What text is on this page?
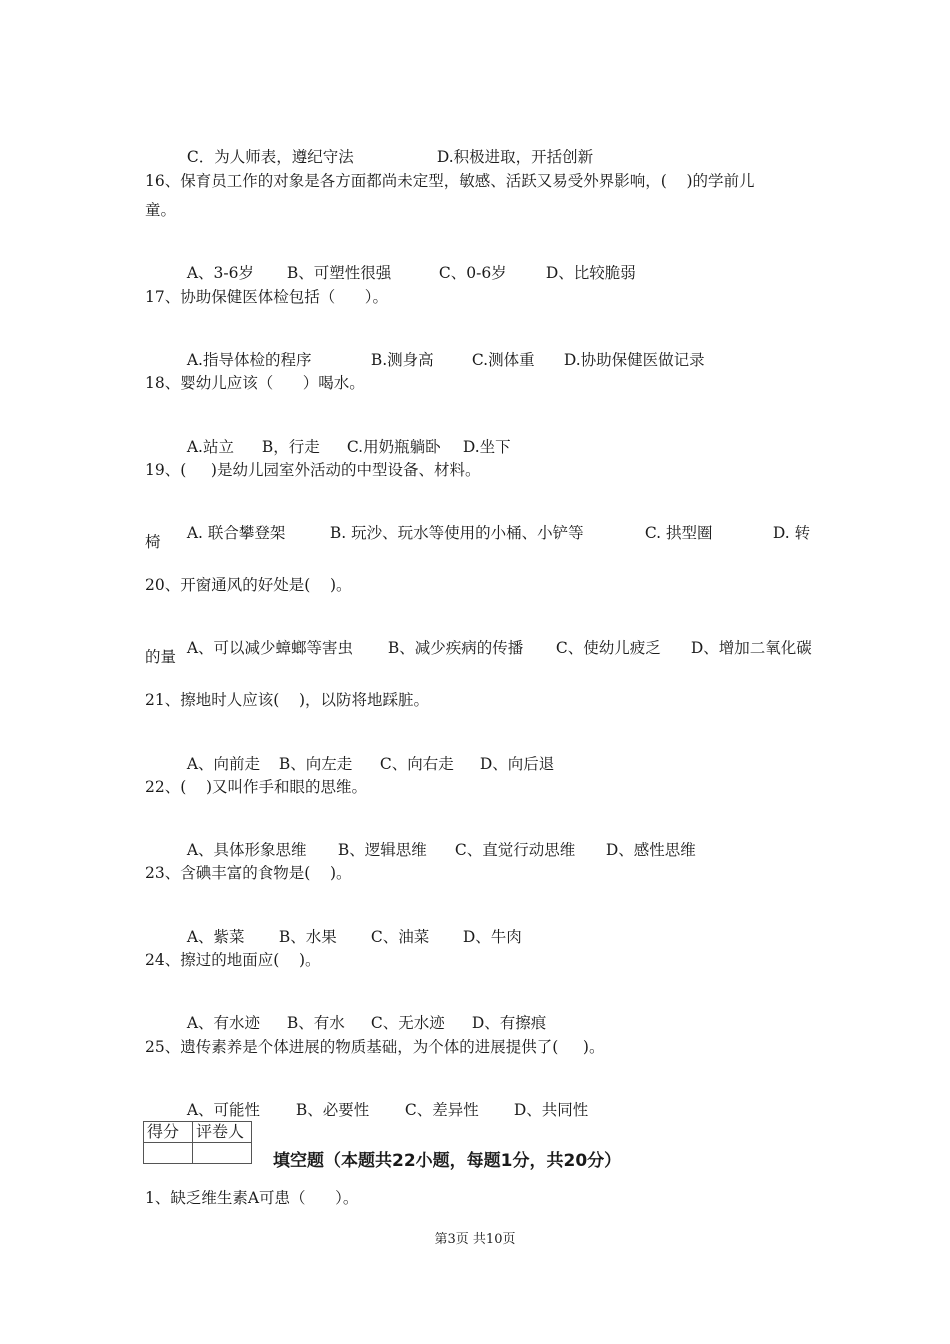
C．为人师表，遵纪守法	D.积极进取，开括创新

16、保育员工作的对象是各方面都尚未定型，敏感、活跃又易受外界影响，(    )的学前儿
童。

A、3-6岁 B、可塑性很强	C、0-6岁	D、比较脆弱

17、协助保健医体检包括（      ）。

A.指导体检的程序	B.测身高 C.测体重 D.协助保健医做记录

18、婴幼儿应该（      ）喝水。

A.站立 B，行走 C.用奶瓶躺卧 D.坐下

19、(     )是幼儿园室外活动的中型设备、材料。

A. 联合攀登架	B. 玩沙、玩水等使用的小桶、小铲等	C. 拱型圈	D. 转

椅
20、开窗通风的好处是(    )。

A、可以减少蟑螂等害虫 B、减少疾病的传播 C、使幼儿疲乏 D、增加二氧化碳

的量
21、擦地时人应该(    )，以防将地踩脏。

A、向前走 B、向左走 C、向右走 D、向后退

22、(    )又叫作手和眼的思维。

A、具体形象思维 B、逻辑思维 C、直觉行动思维 D、感性思维

23、含碘丰富的食物是(    )。

A、紫菜 B、水果 C、油菜 D、牛肉

24、擦过的地面应(    )。

A、有水迹 B、有水 C、无水迹 D、有擦痕

25、遗传素养是个体进展的物质基础，为个体的进展提供了(     )。

A、可能性 B、必要性 C、差异性 D、共同性

得分	评卷人

填空题（本题共22小题，每题1分，共20分）
1、缺乏维生素A可患（      ）。
第3页 共10页
